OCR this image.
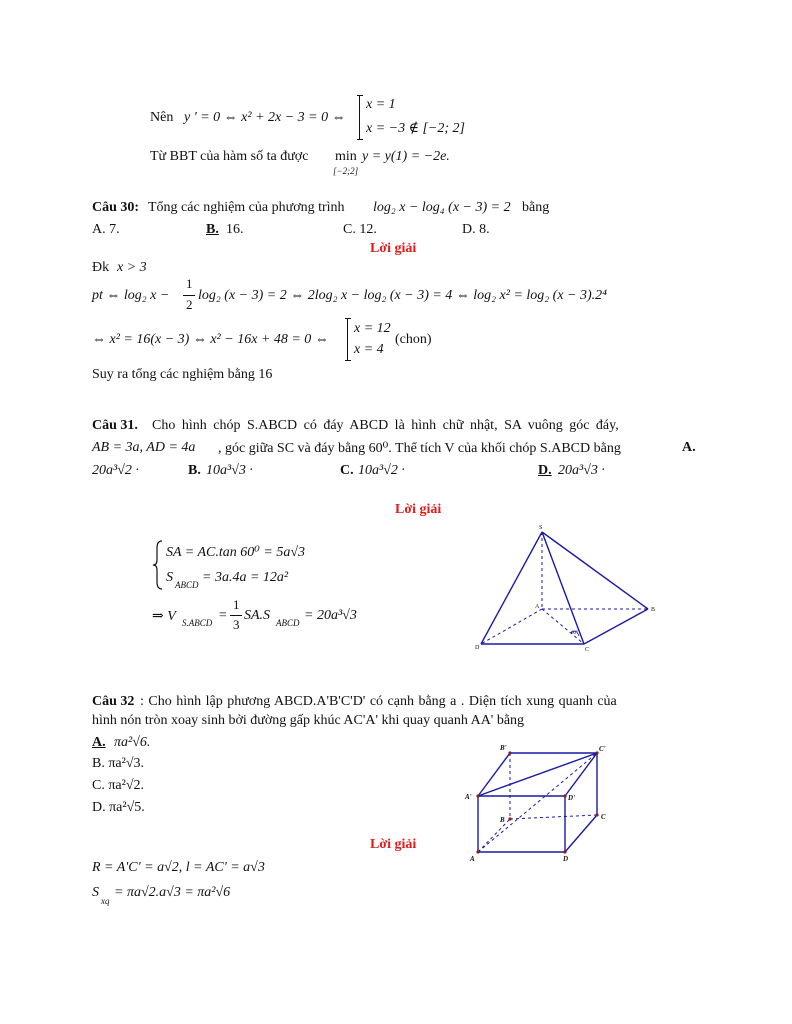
Nên y ' = 0 ⇔ x² + 2x − 3 = 0 ⇔
x = 1
x = −3 ∉ [−2; 2]
Từ BBT của hàm số ta được min
[−2;2]
y = y(1) = −2e.
Câu 30: Tổng các nghiệm của phương trình log₂ x − log₄ (x − 3) = 2 bằng
A. 7.	B. 16.	C. 12.	D. 8.
Lời giải
Đk x > 3
pt ⇔ log₂ x −
1
2
log₂ (x − 3) = 2 ⇔ 2log₂ x − log₂ (x − 3) = 4 ⇔ log₂ x² = log₂ (x − 3).2⁴
⇔ x² = 16(x − 3) ⇔ x² − 16x + 48 = 0 ⇔
x = 12
x = 4
(chon)
Suy ra tổng các nghiệm bằng 16
Câu 31. Cho hình chóp S.ABCD có đáy ABCD là hình chữ nhật, SA vuông góc đáy,
AB = 3a, AD = 4a , góc giữa SC và đáy bằng 60⁰. Thể tích V của khối chóp S.ABCD bằng	A.
20a³√2 ·	B. 10a³√3 ·	C. 10a³√2 ·	D. 20a³√3 ·
Lời giải
SA = AC.tan 60⁰ = 5a√3
S ABCD = 3a.4a = 12a²
⇒ V S.ABCD =
1
3
SA.S ABCD = 20a³√3
S
A	B
C
D
60°
Câu 32 : Cho hình lập phương ABCD.A'B'C'D' có cạnh bằng a . Diện tích xung quanh của
hình nón tròn xoay sinh bởi đường gấp khúc AC'A' khi quay quanh AA' bằng
A. πa²√6.
B. πa²√3.
C. πa²√2.
D. πa²√5.
Lời giải
R = A'C' = a√2, l = AC' = a√3
S
xq
= πa√2.a√3 = πa²√6
A
B	C
D
A'
B'	C'
D'
